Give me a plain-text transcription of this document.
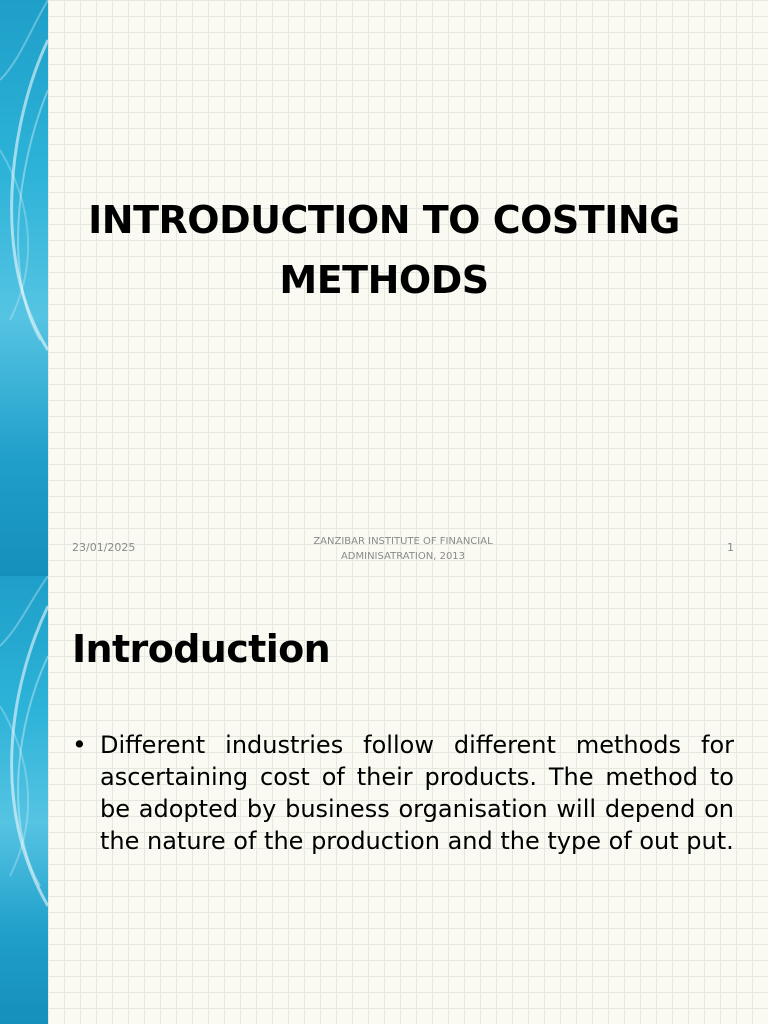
INTRODUCTION TO COSTING
METHODS
23/01/2025	ZANZIBAR INSTITUTE OF FINANCIAL
ADMINISATRATION, 2013
1
Introduction
• Different industries follow different methods for ascertaining cost of their products. The method to be adopted by business organisation will depend on the nature of the production and the type of out put.
